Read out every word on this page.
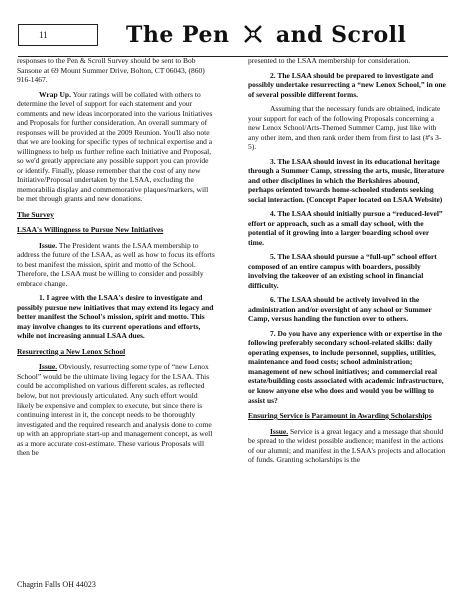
11	The Pen and Scroll

responses to the Pen & Scroll Survey should be sent to Bob Sansone at 69 Mount Summer Drive, Bolton, CT 06043, (860) 916-1467.

Wrap Up. Your ratings will be collated with others to determine the level of support for each statement and your comments and new ideas incorporated into the various Initiatives and Proposals for further consideration. An overall summary of responses will be provided at the 2009 Reunion. You'll also note that we are looking for specific types of technical expertise and a willingness to help us further refine each Initiative and Proposal, so we'd greatly appreciate any possible support you can provide or identify. Finally, please remember that the cost of any new Initiative/Proposal undertaken by the LSAA, excluding the memorabilia display and commemorative plaques/markers, will be met through grants and new donations.

The Survey

LSAA's Willingness to Pursue New Initiatives

Issue. The President wants the LSAA membership to address the future of the LSAA, as well as how to focus its efforts to best manifest the mission, spirit and motto of the School. Therefore, the LSAA must be willing to consider and possibly embrace change.

1. I agree with the LSAA's desire to investigate and possibly pursue new initiatives that may extend its legacy and better manifest the School's mission, spirit and motto. This may involve changes to its current operations and efforts, while not increasing annual LSAA dues.

Resurrecting a New Lenox School

Issue. Obviously, resurrecting some type of “new Lenox School” would be the ultimate living legacy for the LSAA. This could be accomplished on various different scales, as reflected below, but not previously articulated. Any such effort would likely be expensive and complex to execute, but since there is continuing interest in it, the concept needs to be thoroughly investigated and the required research and analysis done to come up with an appropriate start-up and management concept, as well as a more accurate cost-estimate. These various Proposals will then be

presented to the LSAA membership for consideration.

2. The LSAA should be prepared to investigate and possibly undertake resurrecting a “new Lenox School,” in one of several possible different forms.

Assuming that the necessary funds are obtained, indicate your support for each of the following Proposals concerning a new Lenox School/Arts-Themed Summer Camp, just like with any other item, and then rank order them from first to last (#'s 3-5).

3. The LSAA should invest in its educational heritage through a Summer Camp, stressing the arts, music, literature and other disciplines in which the Berkshires abound, perhaps oriented towards home-schooled students seeking social interaction. (Concept Paper located on LSAA Website)

4. The LSAA should initially pursue a “reduced-level” effort or approach, such as a small day school, with the potential of it growing into a larger boarding school over time.

5. The LSAA should pursue a “full-up” school effort composed of an entire campus with boarders, possibly involving the takeover of an existing school in financial difficulty.

6. The LSAA should be actively involved in the administration and/or oversight of any school or Summer Camp, versus handing the function over to others.

7. Do you have any experience with or expertise in the following preferably secondary school-related skills: daily operating expenses, to include personnel, supplies, utilities, maintenance and food costs; school administration; management of new school initiatives; and commercial real estate/building costs associated with academic infrastructure, or know anyone else who does and would you be willing to assist us?

Ensuring Service is Paramount in Awarding Scholarships

Issue. Service is a great legacy and a message that should be spread to the widest possible audience; manifest in the actions of our alumni; and manifest in the LSAA's projects and allocation of funds. Granting scholarships is the

Chagrin Falls OH 44023
